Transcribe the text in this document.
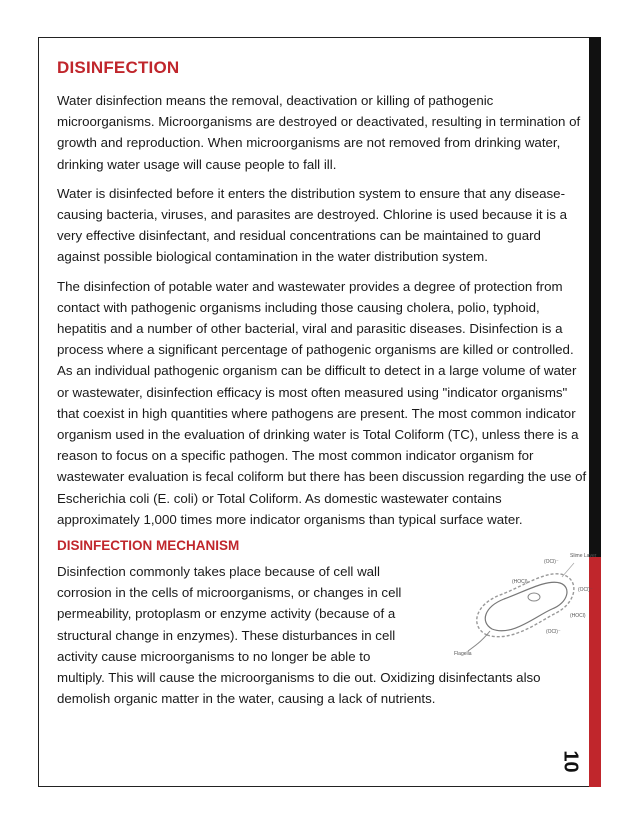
DISINFECTION

Water disinfection means the removal, deactivation or killing of pathogenic microorganisms. Microorganisms are destroyed or deactivated, resulting in termination of growth and reproduction. When microorganisms are not removed from drinking water, drinking water usage will cause people to fall ill.

Water is disinfected before it enters the distribution system to ensure that any disease-causing bacteria, viruses, and parasites are destroyed. Chlorine is used because it is a very effective disinfectant, and residual concentrations can be maintained to guard against possible biological contamination in the water distribution system.

The disinfection of potable water and wastewater provides a degree of protection from contact with pathogenic organisms including those causing cholera, polio, typhoid, hepatitis and a number of other bacterial, viral and parasitic diseases. Disinfection is a process where a significant percentage of pathogenic organisms are killed or controlled. As an individual pathogenic organism can be difficult to detect in a large volume of water or wastewater, disinfection efficacy is most often measured using "indicator organisms" that coexist in high quantities where pathogens are present. The most common indicator organism used in the evaluation of drinking water is Total Coliform (TC), unless there is a reason to focus on a specific pathogen. The most common indicator organism for wastewater evaluation is fecal coliform but there has been discussion regarding the use of Escherichia coli (E. coli) or Total Coliform. As domestic wastewater contains approximately 1,000 times more indicator organisms than typical surface water.

DISINFECTION MECHANISM

Disinfection commonly takes place because of cell wall corrosion in the cells of microorganisms, or changes in cell permeability, protoplasm or enzyme activity (because of a structural change in enzymes). These disturbances in cell activity cause microorganisms to no longer be able to

multiply. This will cause the microorganisms to die out. Oxidizing disinfectants also demolish organic matter in the water, causing a lack of nutrients.

Slime Layer
(OCl)⁻
(HOCl)
(OCl)⁻
(HOCl)
(OCl)⁻
Flagella
10
